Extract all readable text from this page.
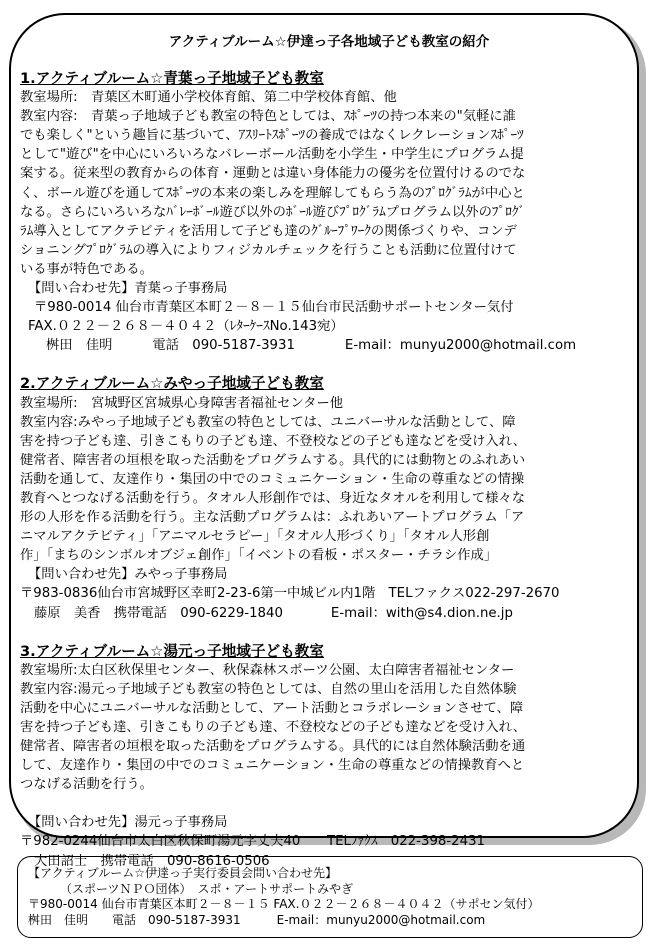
アクティブルーム☆伊達っ子各地域子ども教室の紹介

1.アクティブルーム☆青葉っ子地域子ども教室

教室場所:　青葉区木町通小学校体育館、第二中学校体育館、他

教室内容:　青葉っ子地域子ども教室の特色としては、ｽﾎﾟｰﾂの持つ本来の"気軽に誰

でも楽しく"という趣旨に基づいて、ｱｽﾘｰﾄｽﾎﾟｰﾂの養成ではなくレクレーションｽﾎﾟｰﾂ

として"遊び"を中心にいろいろなバレーボール活動を小学生・中学生にプログラム提

案する。従来型の教育からの体育・運動とは違い身体能力の優劣を位置付けるのでな

く、ボール遊びを通してｽﾎﾟｰﾂの本来の楽しみを理解してもらう為のﾌﾟﾛｸﾞﾗﾑが中心と

なる。さらにいろいろなﾊﾞﾚｰﾎﾞｰﾙ遊び以外のﾎﾞｰﾙ遊びﾌﾟﾛｸﾞﾗﾑプログラム以外のﾌﾟﾛｸﾞ

ﾗﾑ導入としてアクテビティを活用して子ども達のｸﾞﾙｰﾌﾟﾜｰｸの関係づくりや、コンデ

ショニングﾌﾟﾛｸﾞﾗﾑの導入によりフィジカルチェックを行うことも活動に位置付けて

いる事が特色である。

【問い合わせ先】青葉っ子事務局

〒980-0014 仙台市青葉区本町２－８－１５仙台市民活動サポートセンター気付

FAX.０２２－２６８－４０４２（ﾚﾀｰｹｰｽNo.143宛）

桝田　佳明　　　	電話　090-5187-3931	E-mail：munyu2000@hotmail.com

2.アクティブルーム☆みやっ子地域子ども教室

教室場所:　宮城野区宮城県心身障害者福祉センター他

教室内容:みやっ子地域子ども教室の特色としては、ユニバーサルな活動として、障

害を持つ子ども達、引きこもりの子ども達、不登校などの子ども達などを受け入れ、

健常者、障害者の垣根を取った活動をプログラムする。具代的には動物とのふれあい

活動を通して、友達作り・集団の中でのコミュニケーション・生命の尊重などの情操

教育へとつなげる活動を行う。タオル人形創作では、身近なタオルを利用して様々な

形の人形を作る活動を行う。主な活動プログラムは：ふれあいアートプログラム「ア

ニマルアクテビティ」「アニマルセラピー」「タオル人形づくり」「タオル人形創

作」「まちのシンボルオブジェ創作」「イベントの看板・ポスター・チラシ作成」

【問い合わせ先】みやっ子事務局

〒983-0836仙台市宮城野区幸町2-23-6第一中城ビル内1階　TELファクス022-297-2670

藤原　美香　携帯電話　090-6229-1840	E-mail：with@s4.dion.ne.jp

3.アクティブルーム☆湯元っ子地域子ども教室

教室場所:太白区秋保里センター、秋保森林スポーツ公園、太白障害者福祉センター

教室内容:湯元っ子地域子ども教室の特色としては、自然の里山を活用した自然体験

活動を中心にユニバーサルな活動として、アート活動とコラボレーションさせて、障

害を持つ子ども達、引きこもりの子ども達、不登校などの子ども達などを受け入れ、

健常者、障害者の垣根を取った活動をプログラムする。具代的には自然体験活動を通

して、友達作り・集団の中でのコミュニケーション・生命の尊重などの情操教育へと

つなげる活動を行う。

【問い合わせ先】湯元っ子事務局

〒982-0244仙台市太白区秋保町湯元字丈夫40　　TELﾌｧｸｽ　022-398-2431

大田詔士　携帯電話　090-8616-0506

【アクティブルーム☆伊達っ子実行委員会問い合わせ先】
（スポーツＮＰＯ団体）　スポ・アートサポートみやぎ
〒980-0014 仙台市青葉区本町２－８－１５ FAX.０２２－２６８－４０４２（サポセン気付）
桝田　佳明　　電話　090-5187-3931　　　E-mail：munyu2000@hotmail.com
